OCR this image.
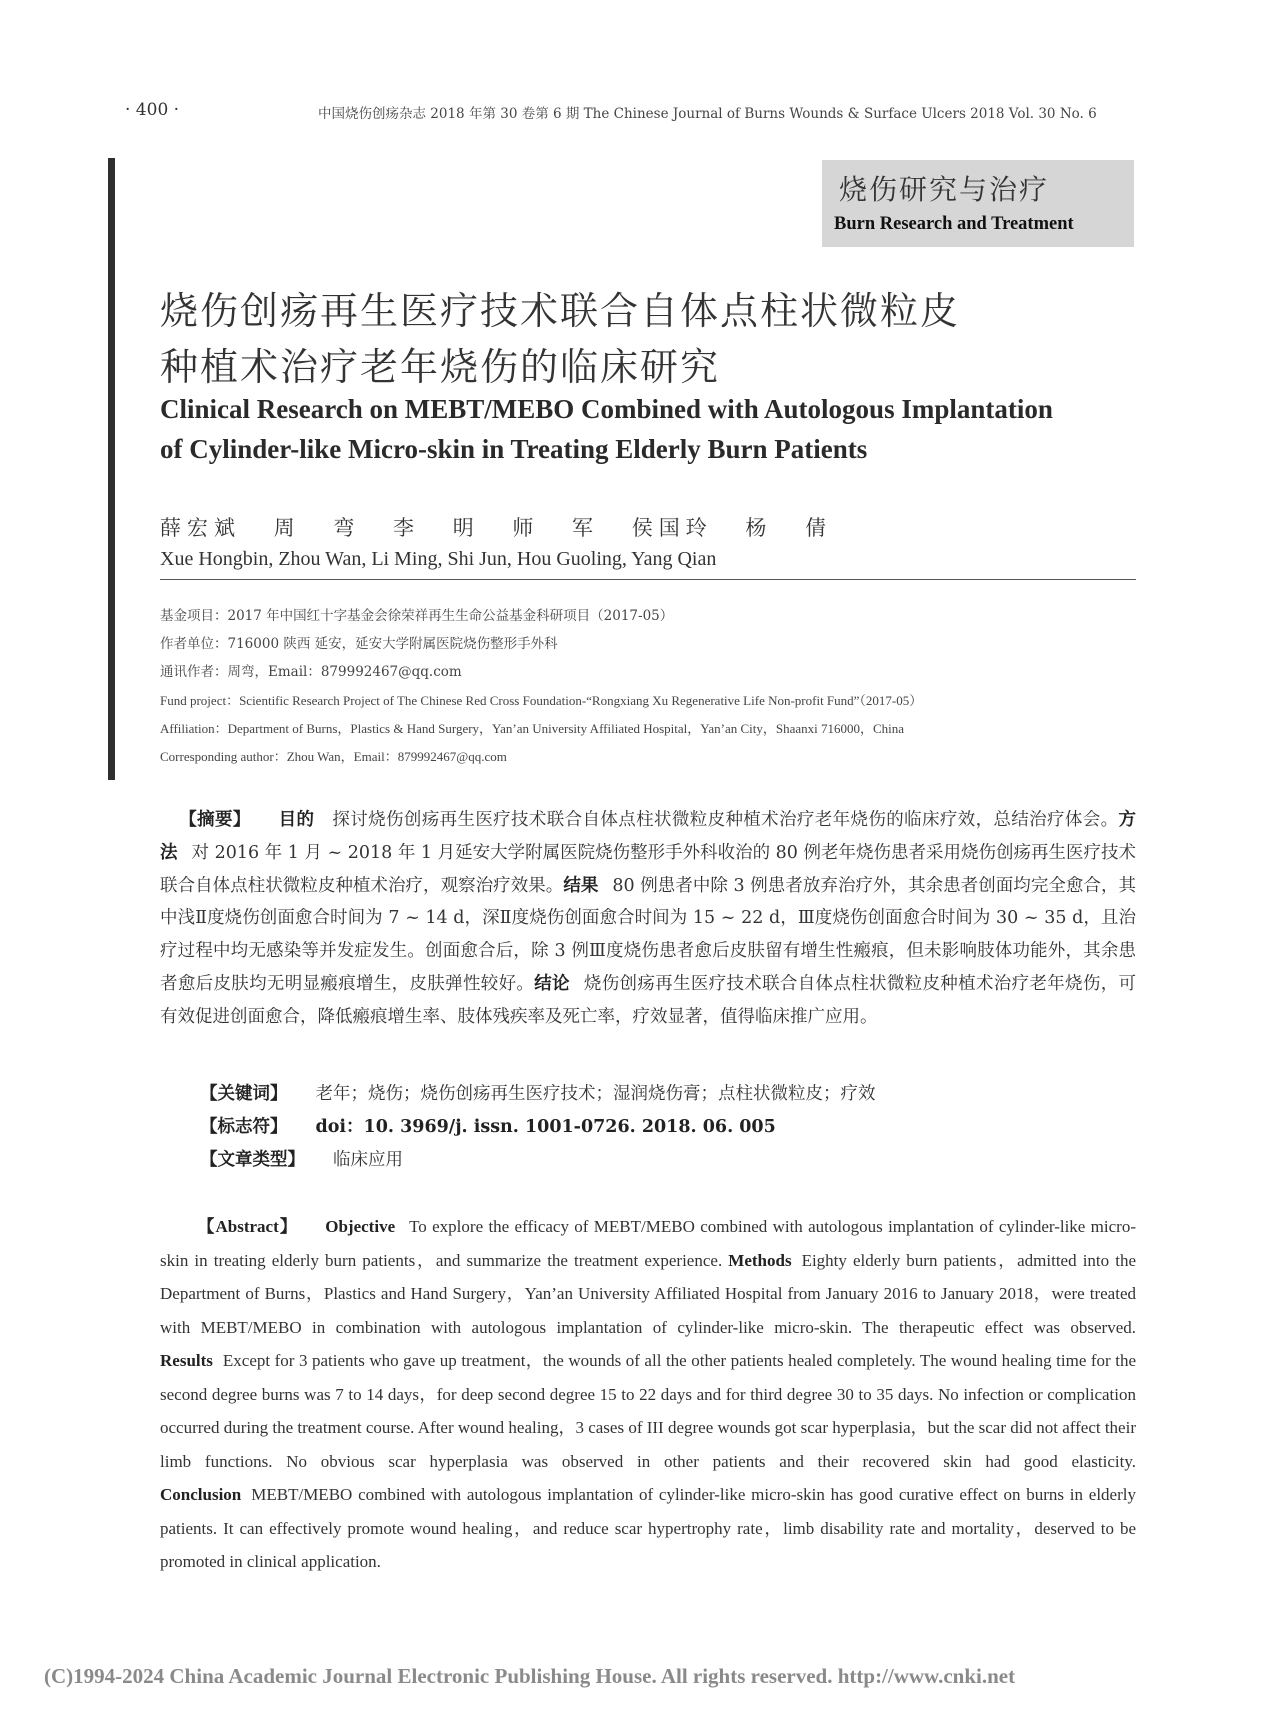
· 400 ·	中国烧伤创疡杂志 2018 年第 30 卷第 6 期 The Chinese Journal of Burns Wounds & Surface Ulcers 2018 Vol. 30 No. 6
烧伤研究与治疗
Burn Research and Treatment
烧伤创疡再生医疗技术联合自体点柱状微粒皮
种植术治疗老年烧伤的临床研究
Clinical Research on MEBT/MEBO Combined with Autologous Implantation
of Cylinder-like Micro-skin in Treating Elderly Burn Patients
薛宏斌 周 弯 李 明 师 军 侯国玲 杨 倩
Xue Hongbin, Zhou Wan, Li Ming, Shi Jun, Hou Guoling, Yang Qian
基金项目：2017 年中国红十字基金会徐荣祥再生生命公益基金科研项目（2017-05）
作者单位：716000 陕西 延安，延安大学附属医院烧伤整形手外科
通讯作者：周弯，Email：879992467@qq.com
Fund project：Scientific Research Project of The Chinese Red Cross Foundation-“Rongxiang Xu Regenerative Life Non-profit Fund”（2017-05）
Affiliation：Department of Burns，Plastics & Hand Surgery，Yan’an University Affiliated Hospital，Yan’an City，Shaanxi 716000，China
Corresponding author：Zhou Wan，Email：879992467@qq.com
【摘要】 目的 探讨烧伤创疡再生医疗技术联合自体点柱状微粒皮种植术治疗老年烧伤的临床疗效，总结治疗体会。方法 对 2016 年 1 月 ~ 2018 年 1 月延安大学附属医院烧伤整形手外科收治的 80 例老年烧伤患者采用烧伤创疡再生医疗技术联合自体点柱状微粒皮种植术治疗，观察治疗效果。结果 80 例患者中除 3 例患者放弃治疗外，其余患者创面均完全愈合，其中浅Ⅱ度烧伤创面愈合时间为 7 ~ 14 d，深Ⅱ度烧伤创面愈合时间为 15 ~ 22 d，Ⅲ度烧伤创面愈合时间为 30 ~ 35 d，且治疗过程中均无感染等并发症发生。创面愈合后，除 3 例Ⅲ度烧伤患者愈后皮肤留有增生性瘢痕，但未影响肢体功能外，其余患者愈后皮肤均无明显瘢痕增生，皮肤弹性较好。结论 烧伤创疡再生医疗技术联合自体点柱状微粒皮种植术治疗老年烧伤，可有效促进创面愈合，降低瘢痕增生率、肢体残疾率及死亡率，疗效显著，值得临床推广应用。
【关键词】 老年；烧伤；烧伤创疡再生医疗技术；湿润烧伤膏；点柱状微粒皮；疗效
【标志符】 doi：10. 3969/j. issn. 1001-0726. 2018. 06. 005
【文章类型】 临床应用
【Abstract】 Objective To explore the efficacy of MEBT/MEBO combined with autologous implantation of cylinder-like micro-skin in treating elderly burn patients，and summarize the treatment experience. Methods Eighty elderly burn patients，admitted into the Department of Burns，Plastics and Hand Surgery，Yan’an University Affiliated Hospital from January 2016 to January 2018，were treated with MEBT/MEBO in combination with autologous implantation of cylinder-like micro-skin. The therapeutic effect was observed. Results Except for 3 patients who gave up treatment，the wounds of all the other patients healed completely. The wound healing time for the second degree burns was 7 to 14 days，for deep second degree 15 to 22 days and for third degree 30 to 35 days. No infection or complication occurred during the treatment course. After wound healing，3 cases of III degree wounds got scar hyperplasia，but the scar did not affect their limb functions. No obvious scar hyperplasia was observed in other patients and their recovered skin had good elasticity. Conclusion MEBT/MEBO combined with autologous implantation of cylinder-like micro-skin has good curative effect on burns in elderly patients. It can effectively promote wound healing，and reduce scar hypertrophy rate，limb disability rate and mortality，deserved to be promoted in clinical application.
(C)1994-2024 China Academic Journal Electronic Publishing House. All rights reserved. http://www.cnki.net
